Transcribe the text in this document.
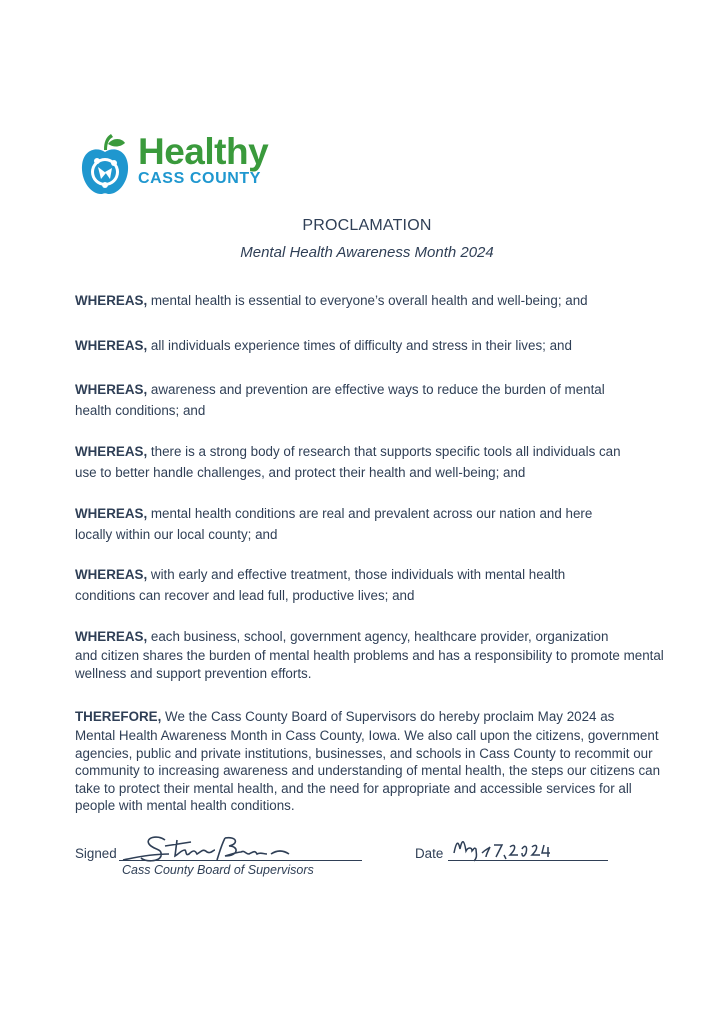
Healthy
CASS COUNTY
PROCLAMATION
Mental Health Awareness Month 2024
WHEREAS, mental health is essential to everyone’s overall health and well-being; and
WHEREAS, all individuals experience times of difficulty and stress in their lives; and
WHEREAS, awareness and prevention are effective ways to reduce the burden of mental
health conditions; and
WHEREAS, there is a strong body of research that supports specific tools all individuals can
use to better handle challenges, and protect their health and well-being; and
WHEREAS, mental health conditions are real and prevalent across our nation and here
locally within our local county; and
WHEREAS, with early and effective treatment, those individuals with mental health
conditions can recover and lead full, productive lives; and
WHEREAS, each business, school, government agency, healthcare provider, organization
and citizen shares the burden of mental health problems and has a responsibility to promote mental wellness and support prevention efforts.
THEREFORE, We the Cass County Board of Supervisors do hereby proclaim May 2024 as
Mental Health Awareness Month in Cass County, Iowa. We also call upon the citizens, government agencies, public and private institutions, businesses, and schools in Cass County to recommit our community to increasing awareness and understanding of mental health, the steps our citizens can take to protect their mental health, and the need for appropriate and accessible services for all people with mental health conditions.
Signed
Cass County Board of Supervisors
Date
